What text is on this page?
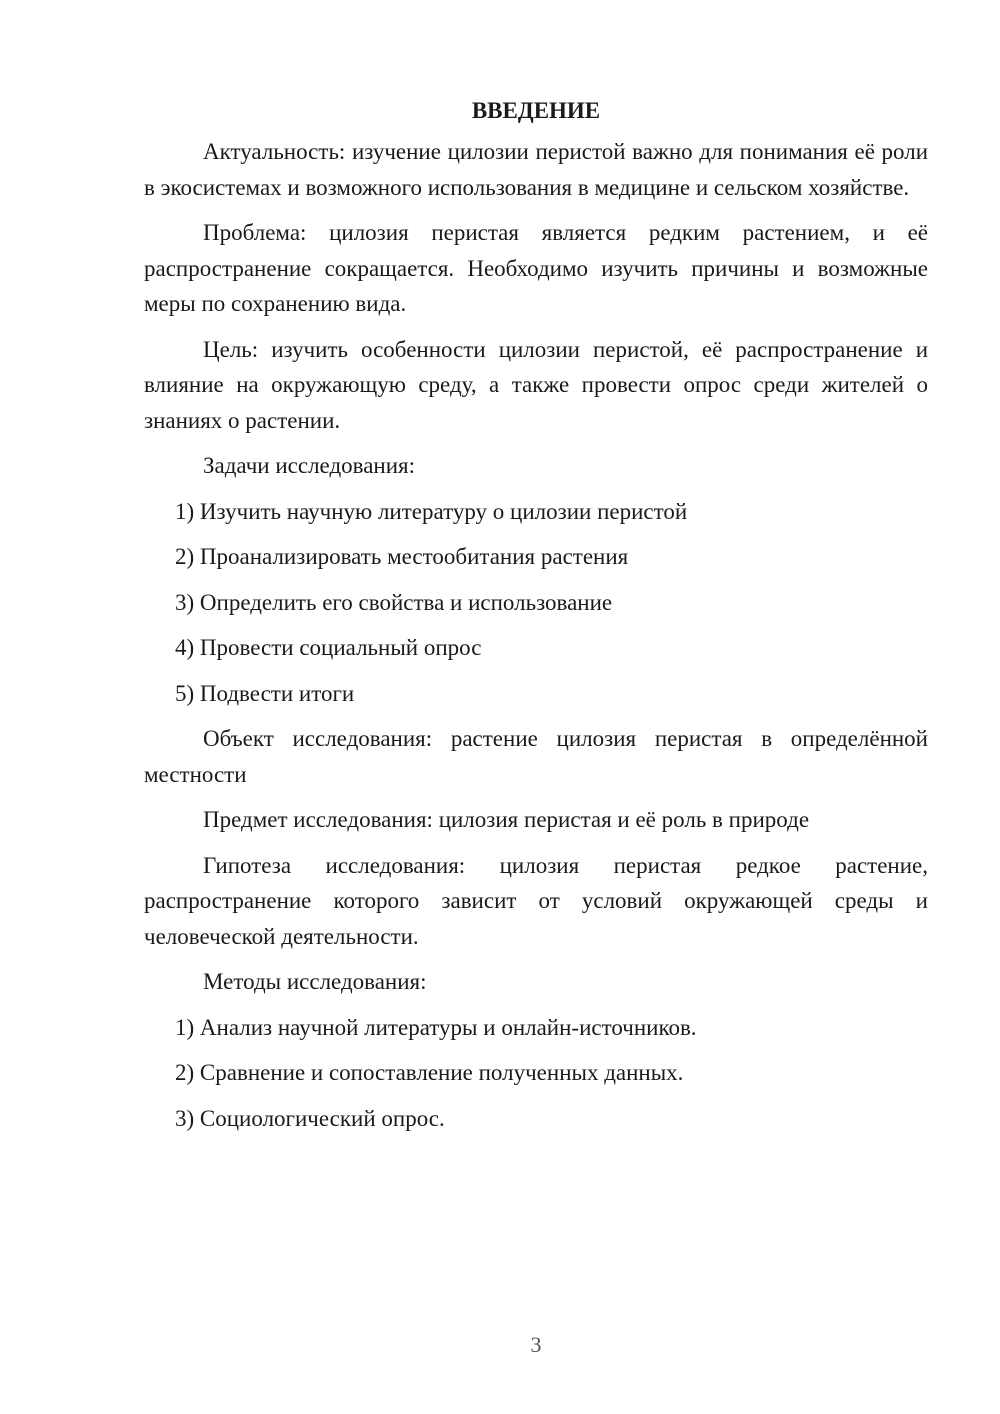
ВВЕДЕНИЕ

Актуальность: изучение цилозии перистой важно для понимания её роли в экосистемах и возможного использования в медицине и сельском хозяйстве.

Проблема: цилозия перистая является редким растением, и её распространение сокращается. Необходимо изучить причины и возможные меры по сохранению вида.

Цель: изучить особенности цилозии перистой, её распространение и влияние на окружающую среду, а также провести опрос среди жителей о знаниях о растении.

Задачи исследования:

1) Изучить научную литературу о цилозии перистой
2) Проанализировать местообитания растения
3) Определить его свойства и использование
4) Провести социальный опрос
5) Подвести итоги

Объект исследования: растение цилозия перистая в определённой местности

Предмет исследования: цилозия перистая и её роль в природе

Гипотеза исследования: цилозия перистая редкое растение, распространение которого зависит от условий окружающей среды и человеческой деятельности.

Методы исследования:

1) Анализ научной литературы и онлайн-источников.
2) Сравнение и сопоставление полученных данных.
3) Социологический опрос.
3
